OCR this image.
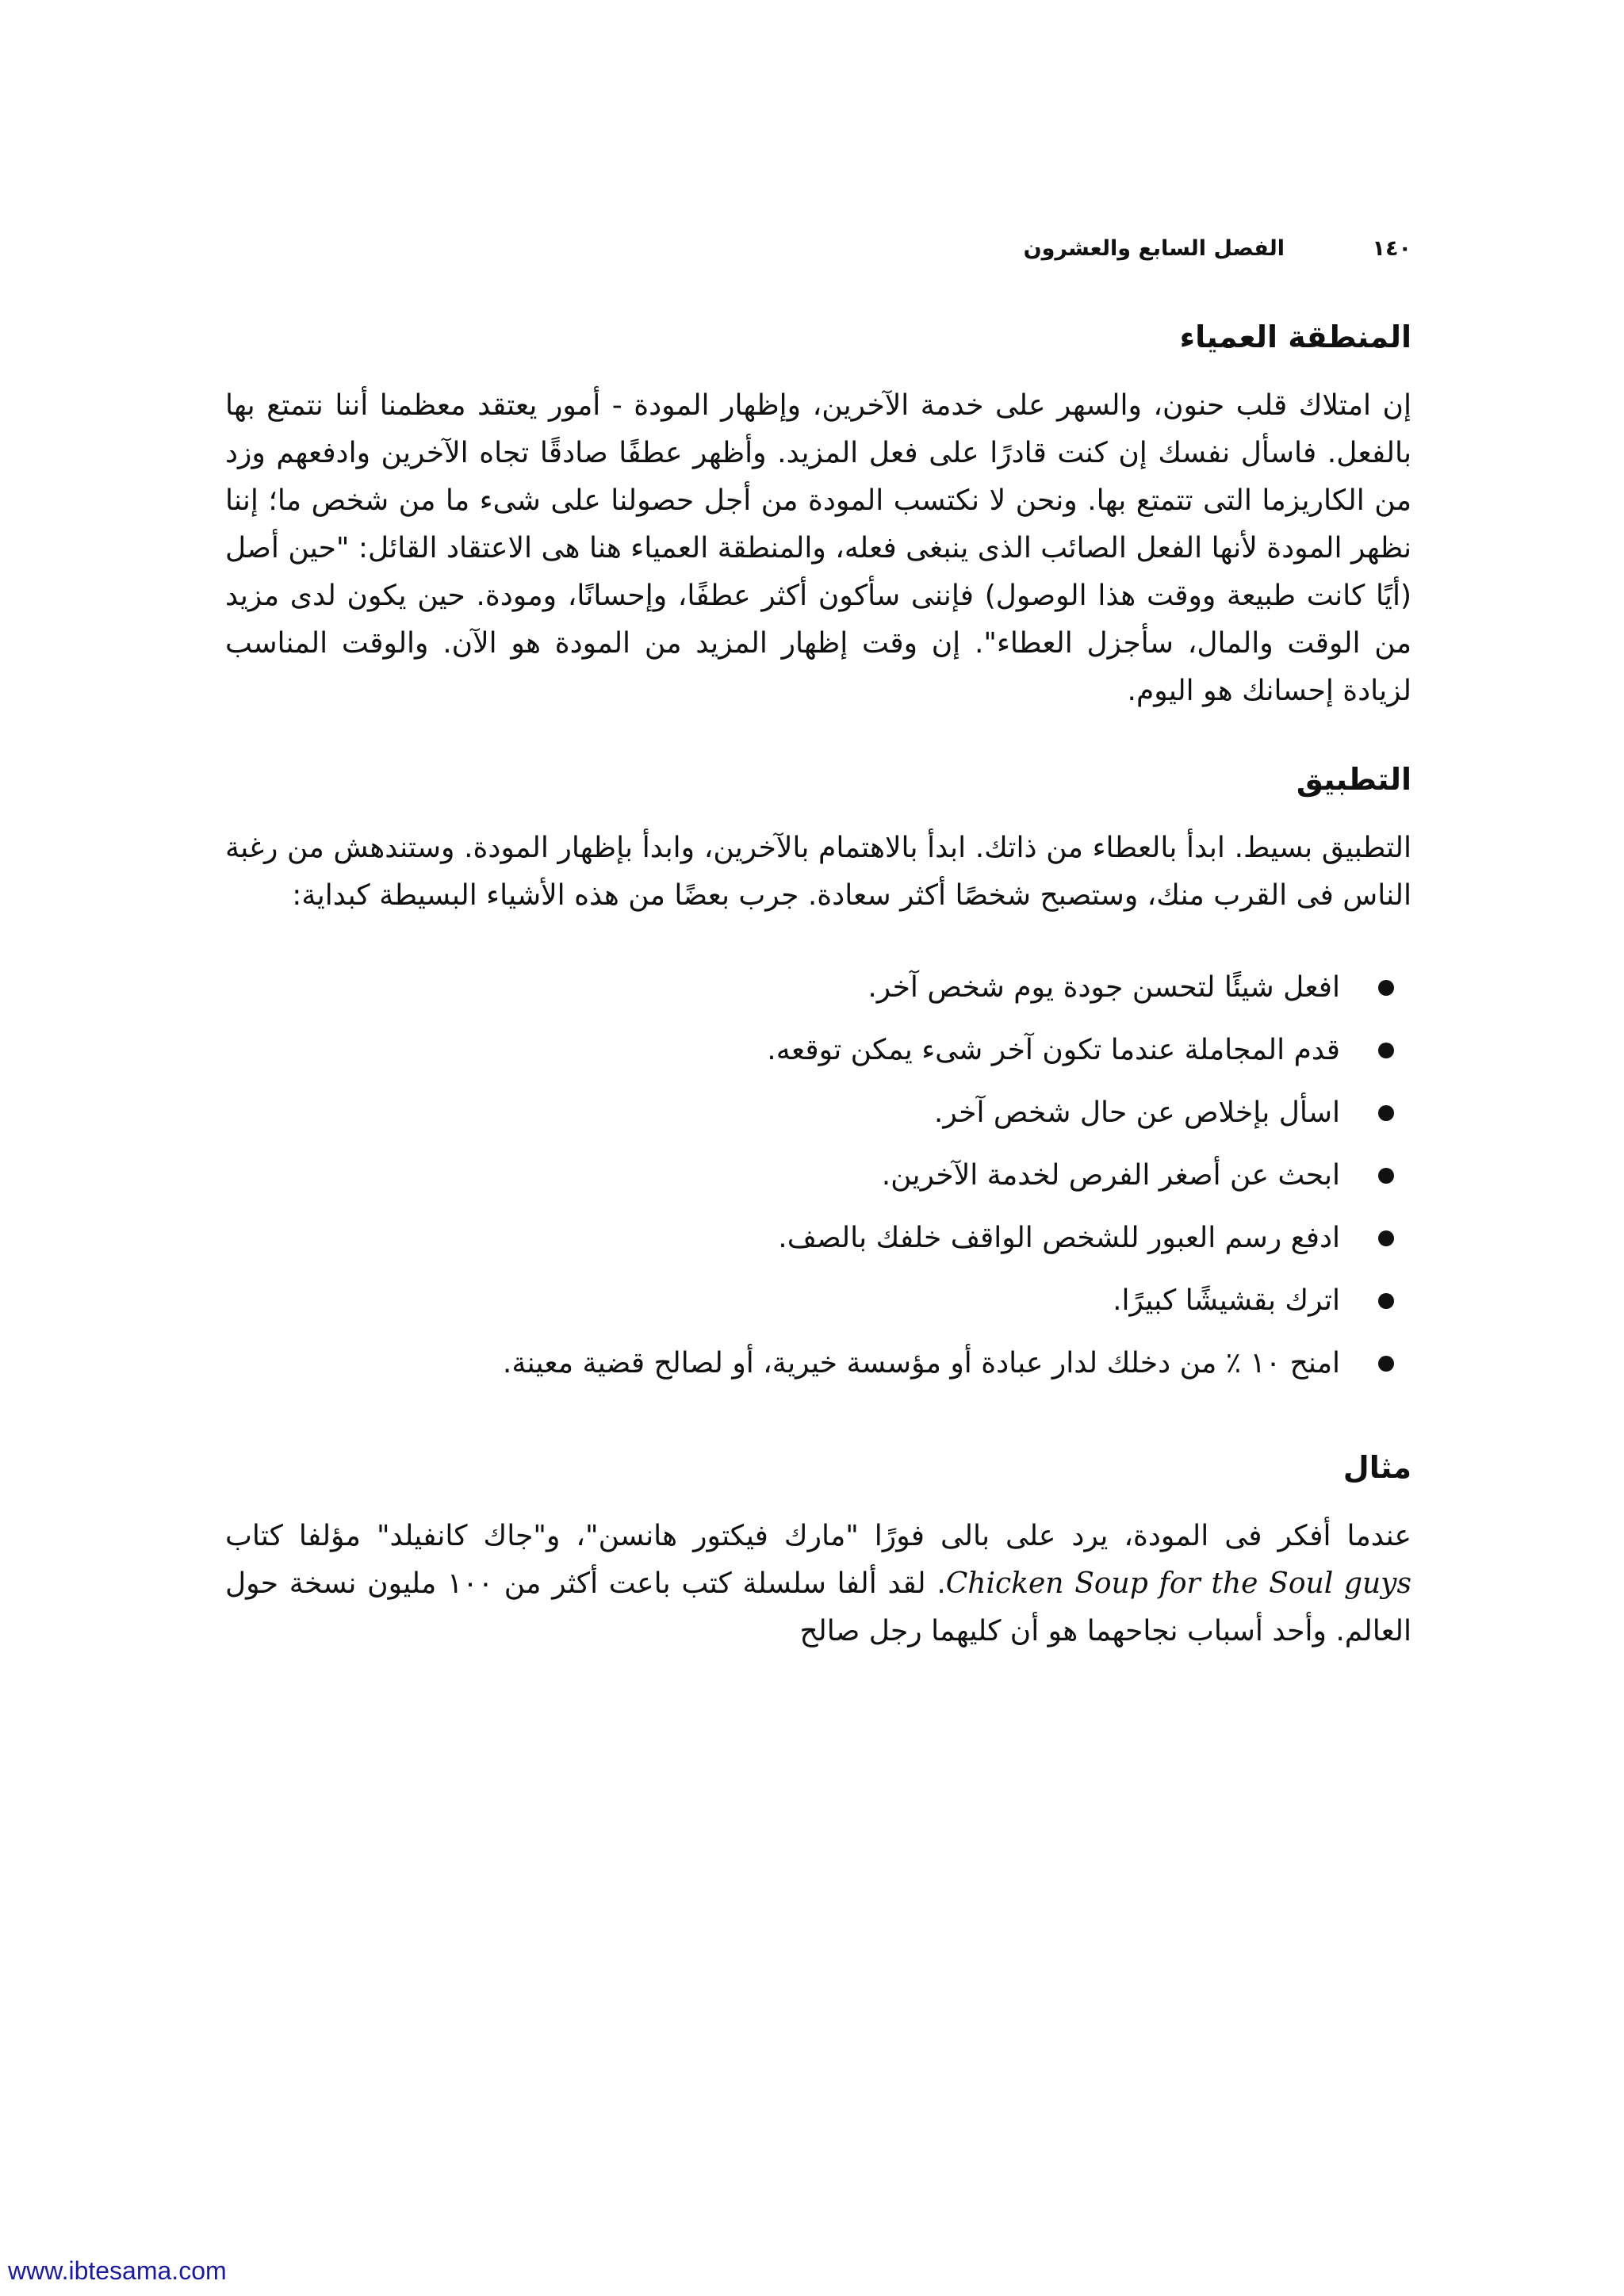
١٤٠
الفصل السابع والعشرون
المنطقة العمياء

إن امتلاك قلب حنون، والسهر على خدمة الآخرين، وإظهار المودة - أمور يعتقد معظمنا أننا نتمتع بها بالفعل. فاسأل نفسك إن كنت قادرًا على فعل المزيد. وأظهر عطفًا صادقًا تجاه الآخرين وادفعهم وزد من الكاريزما التى تتمتع بها. ونحن لا نكتسب المودة من أجل حصولنا على شىء ما من شخص ما؛ إننا نظهر المودة لأنها الفعل الصائب الذى ينبغى فعله، والمنطقة العمياء هنا هى الاعتقاد القائل: "حين أصل (أيًا كانت طبيعة ووقت هذا الوصول) فإننى سأكون أكثر عطفًا، وإحسانًا، ومودة. حين يكون لدى مزيد من الوقت والمال، سأجزل العطاء". إن وقت إظهار المزيد من المودة هو الآن. والوقت المناسب لزيادة إحسانك هو اليوم.

التطبيق

التطبيق بسيط. ابدأ بالعطاء من ذاتك. ابدأ بالاهتمام بالآخرين، وابدأ بإظهار المودة. وستندهش من رغبة الناس فى القرب منك، وستصبح شخصًا أكثر سعادة. جرب بعضًا من هذه الأشياء البسيطة كبداية:

افعل شيئًا لتحسن جودة يوم شخص آخر.
قدم المجاملة عندما تكون آخر شىء يمكن توقعه.
اسأل بإخلاص عن حال شخص آخر.
ابحث عن أصغر الفرص لخدمة الآخرين.
ادفع رسم العبور للشخص الواقف خلفك بالصف.
اترك بقشيشًا كبيرًا.
امنح ١٠ ٪ من دخلك لدار عبادة أو مؤسسة خيرية، أو لصالح قضية معينة.
مثال

عندما أفكر فى المودة، يرد على بالى فورًا "مارك فيكتور هانسن"، و"جاك كانفيلد" مؤلفا كتاب Chicken Soup for the Soul guys. لقد ألفا سلسلة كتب باعت أكثر من ١٠٠ مليون نسخة حول العالم. وأحد أسباب نجاحهما هو أن كليهما رجل صالح

www.ibtesama.com
